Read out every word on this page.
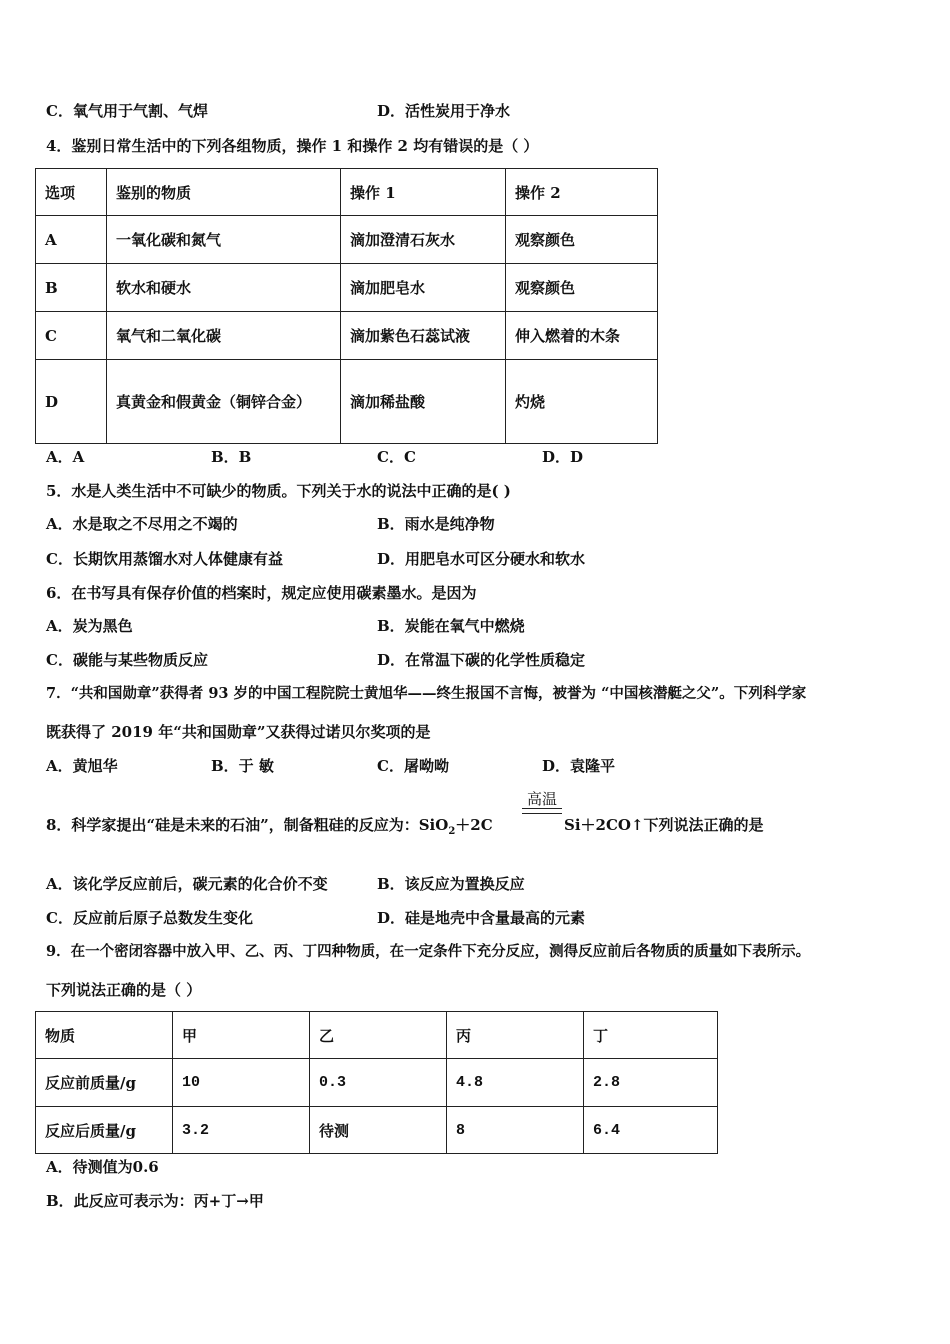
C．氧气用于气割、气焊	D．活性炭用于净水
4．鉴别日常生活中的下列各组物质，操作 1 和操作 2 均有错误的是（ ）
选项	鉴别的物质	操作 1	操作 2
A	一氧化碳和氮气	滴加澄清石灰水	观察颜色
B	软水和硬水	滴加肥皂水	观察颜色
C	氧气和二氧化碳	滴加紫色石蕊试液	伸入燃着的木条
D	真黄金和假黄金（铜锌合金）	滴加稀盐酸	灼烧
A．A	B．B	C．C	D．D
5．水是人类生活中不可缺少的物质。下列关于水的说法中正确的是( )
A．水是取之不尽用之不竭的	B．雨水是纯净物
C．长期饮用蒸馏水对人体健康有益	D．用肥皂水可区分硬水和软水
6．在书写具有保存价值的档案时，规定应使用碳素墨水。是因为
A．炭为黑色	B．炭能在氧气中燃烧
C．碳能与某些物质反应	D．在常温下碳的化学性质稳定
7．“共和国勋章”获得者 93 岁的中国工程院院士黄旭华——终生报国不言悔，被誉为 “中国核潜艇之父”。下列科学家
既获得了 2019 年“共和国勋章”又获得过诺贝尔奖项的是
A．黄旭华	B．于 敏	C．屠呦呦	D．袁隆平
8．科学家提出“硅是未来的石油”，制备粗硅的反应为：SiO$_2$＋2C
高温
Si＋2CO↑下列说法正确的是
A．该化学反应前后，碳元素的化合价不变	B．该反应为置换反应
C．反应前后原子总数发生变化	D．硅是地壳中含量最高的元素
9．在一个密闭容器中放入甲、乙、丙、丁四种物质，在一定条件下充分反应，测得反应前后各物质的质量如下表所示。
下列说法正确的是（ ）
物质	甲	乙	丙	丁
反应前质量/g	10	0.3	4.8	2.8
反应后质量/g	3.2	待测	8	6.4
A．待测值为0.6
B．此反应可表示为：丙+丁→甲
